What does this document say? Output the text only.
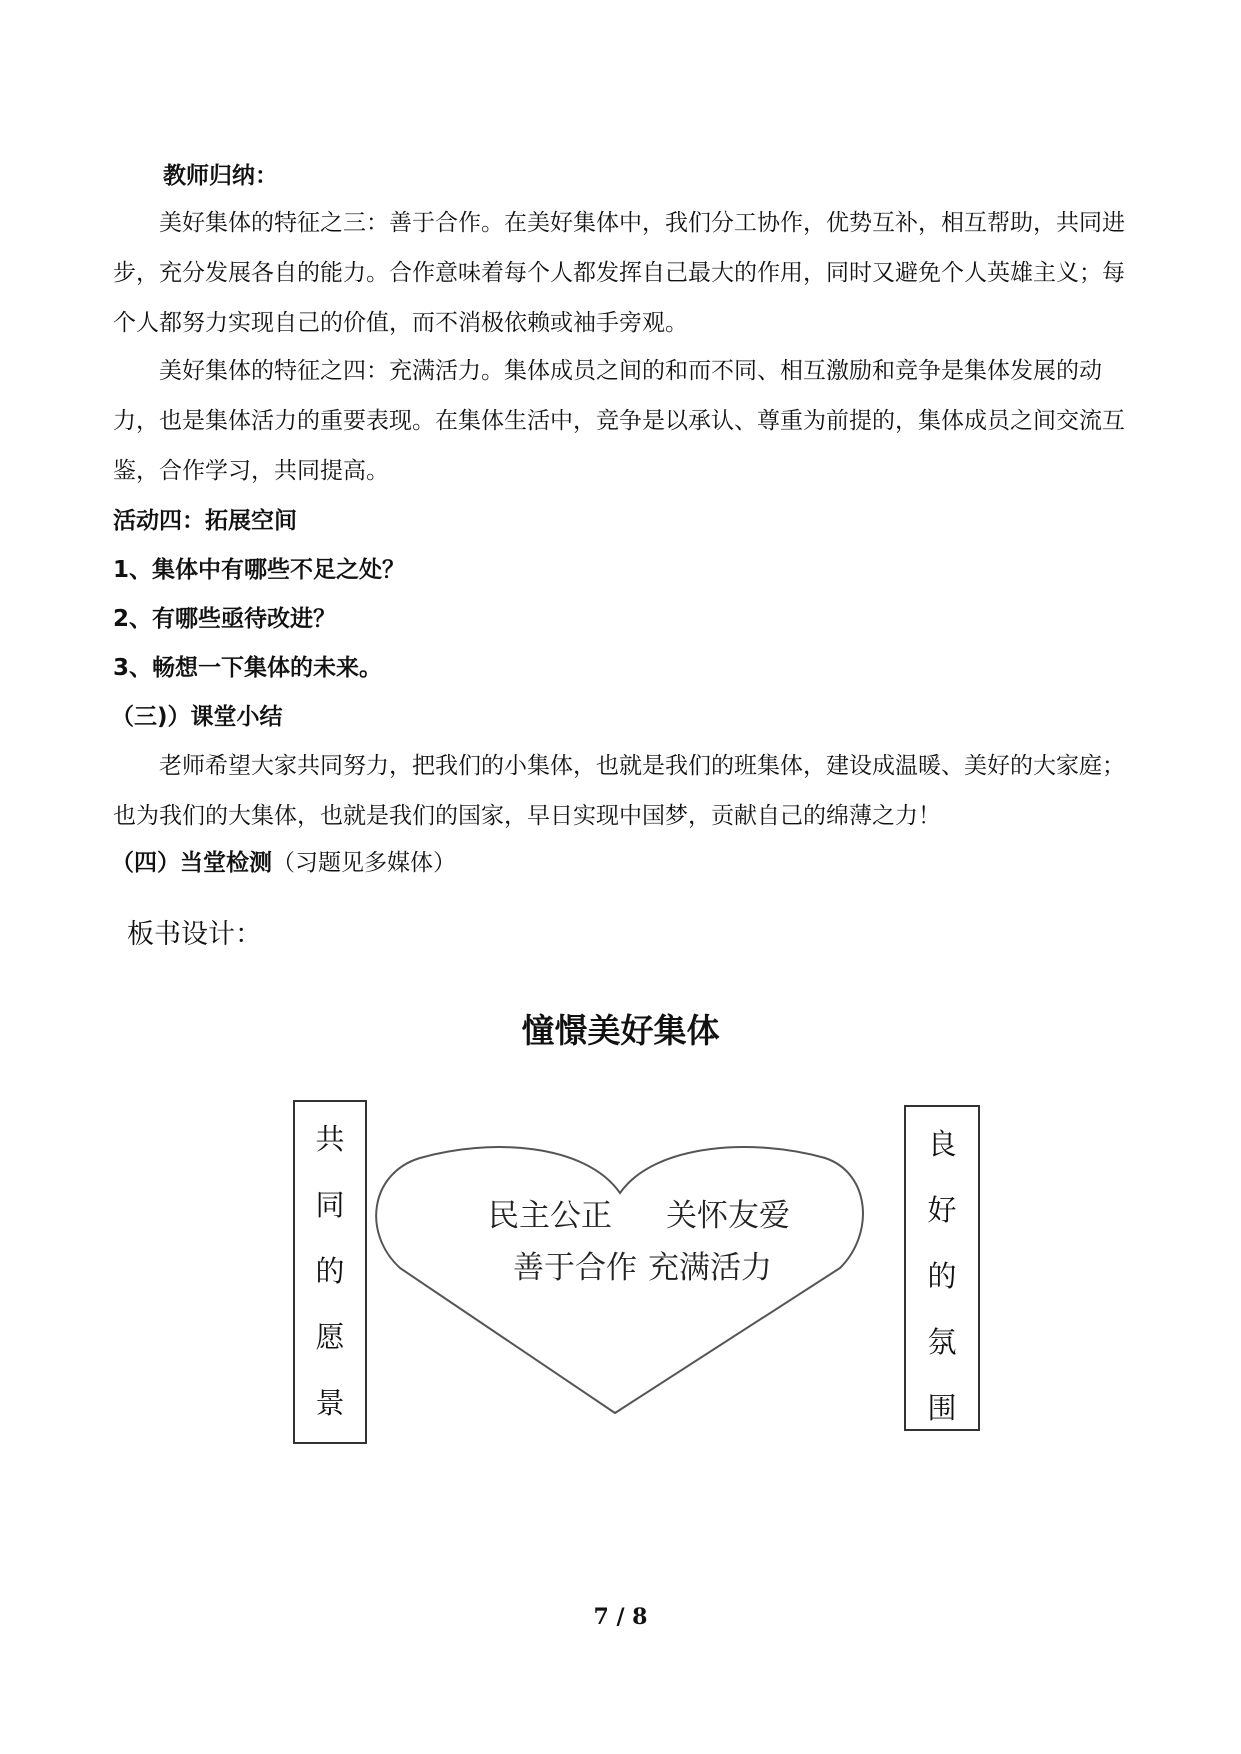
教师归纳：

美好集体的特征之三：善于合作。在美好集体中，我们分工协作，优势互补，相互帮助，共同进步，充分发展各自的能力。合作意味着每个人都发挥自己最大的作用，同时又避免个人英雄主义；每个人都努力实现自己的价值，而不消极依赖或袖手旁观。

美好集体的特征之四：充满活力。集体成员之间的和而不同、相互激励和竞争是集体发展的动力，也是集体活力的重要表现。在集体生活中，竞争是以承认、尊重为前提的，集体成员之间交流互鉴，合作学习，共同提高。

活动四：拓展空间

1、集体中有哪些不足之处？

2、有哪些亟待改进？

3、畅想一下集体的未来。

（三)）课堂小结

老师希望大家共同努力，把我们的小集体，也就是我们的班集体，建设成温暖、美好的大家庭；也为我们的大集体，也就是我们的国家，早日实现中国梦，贡献自己的绵薄之力！

（四）当堂检测（习题见多媒体）

板书设计：

憧憬美好集体

共
同
的
愿
景
良
好
的
氛
围
民主公正 关怀友爱
善于合作 充满活力

7 / 8
